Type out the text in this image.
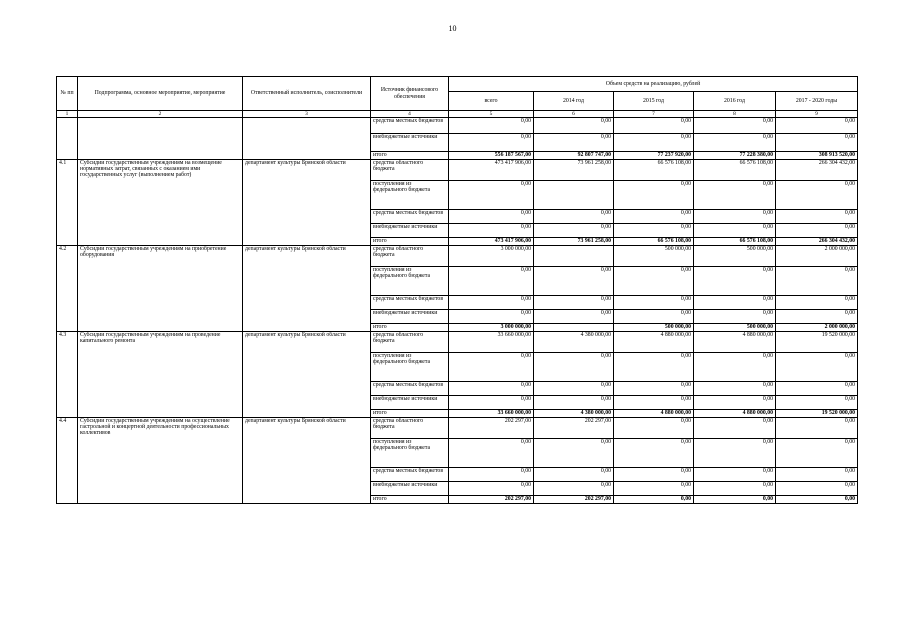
10
№ пп	Подпрограмма, основное мероприятие, мероприятие	Ответственный исполнитель, соисполнители	Источник финансового обеспечения	Объем средств на реализацию, рублей				
				всего	2014 год	2015 год	2016 год	2017 - 2020 годы
1	2	3	4	5	6	7	8	9
			средства местных бюджетов	0,00	0,00	0,00	0,00	0,00
			внебюджетные источники	0,00	0,00	0,00	0,00	0,00
			итого	556 187 567,00	92 807 747,00	77 237 920,00	77 228 380,00	308 913 520,00
4.1	Субсидии государственным учреждениям на возмещение нормативных затрат, связанных с оказанием ими государственных услуг (выполнением работ)	департамент культуры Брянской области	средства областного бюджета	473 417 906,00	73 961 258,00	66 576 108,00	66 576 108,00	266 304 432,00
			поступления из федерального бюджета	0,00		0,00	0,00	0,00
			средства местных бюджетов	0,00	0,00	0,00	0,00	0,00
			внебюджетные источники	0,00	0,00	0,00	0,00	0,00
			итого	473 417 906,00	73 961 258,00	66 576 108,00	66 576 108,00	266 304 432,00
4.2	Субсидии государственным учреждениям на приобретение оборудования	департамент культуры Брянской области	средства областного бюджета	3 000 000,00		500 000,00	500 000,00	2 000 000,00
			поступления из федерального бюджета	0,00	0,00	0,00	0,00	0,00
			средства местных бюджетов	0,00	0,00	0,00	0,00	0,00
			внебюджетные источники	0,00	0,00	0,00	0,00	0,00
			итого	3 000 000,00		500 000,00	500 000,00	2 000 000,00
4.3	Субсидии государственным учреждениям на проведение капитального ремонта	департамент культуры Брянской области	средства областного бюджета	33 660 000,00	4 380 000,00	4 880 000,00	4 880 000,00	19 520 000,00
			поступления из федерального бюджета	0,00	0,00	0,00	0,00	0,00
			средства местных бюджетов	0,00	0,00	0,00	0,00	0,00
			внебюджетные источники	0,00	0,00	0,00	0,00	0,00
			итого	33 660 000,00	4 380 000,00	4 880 000,00	4 880 000,00	19 520 000,00
4.4	Субсидии государственным учреждениям на осуществление гастрольной и концертной деятельности профессиональных коллективов	департамент культуры Брянской области	средства областного бюджета	202 297,00	202 297,00	0,00	0,00	0,00
			поступления из федерального бюджета	0,00	0,00	0,00	0,00	0,00
			средства местных бюджетов	0,00	0,00	0,00	0,00	0,00
			внебюджетные источники	0,00	0,00	0,00	0,00	0,00
			итого	202 297,00	202 297,00	0,00	0,00	0,00
